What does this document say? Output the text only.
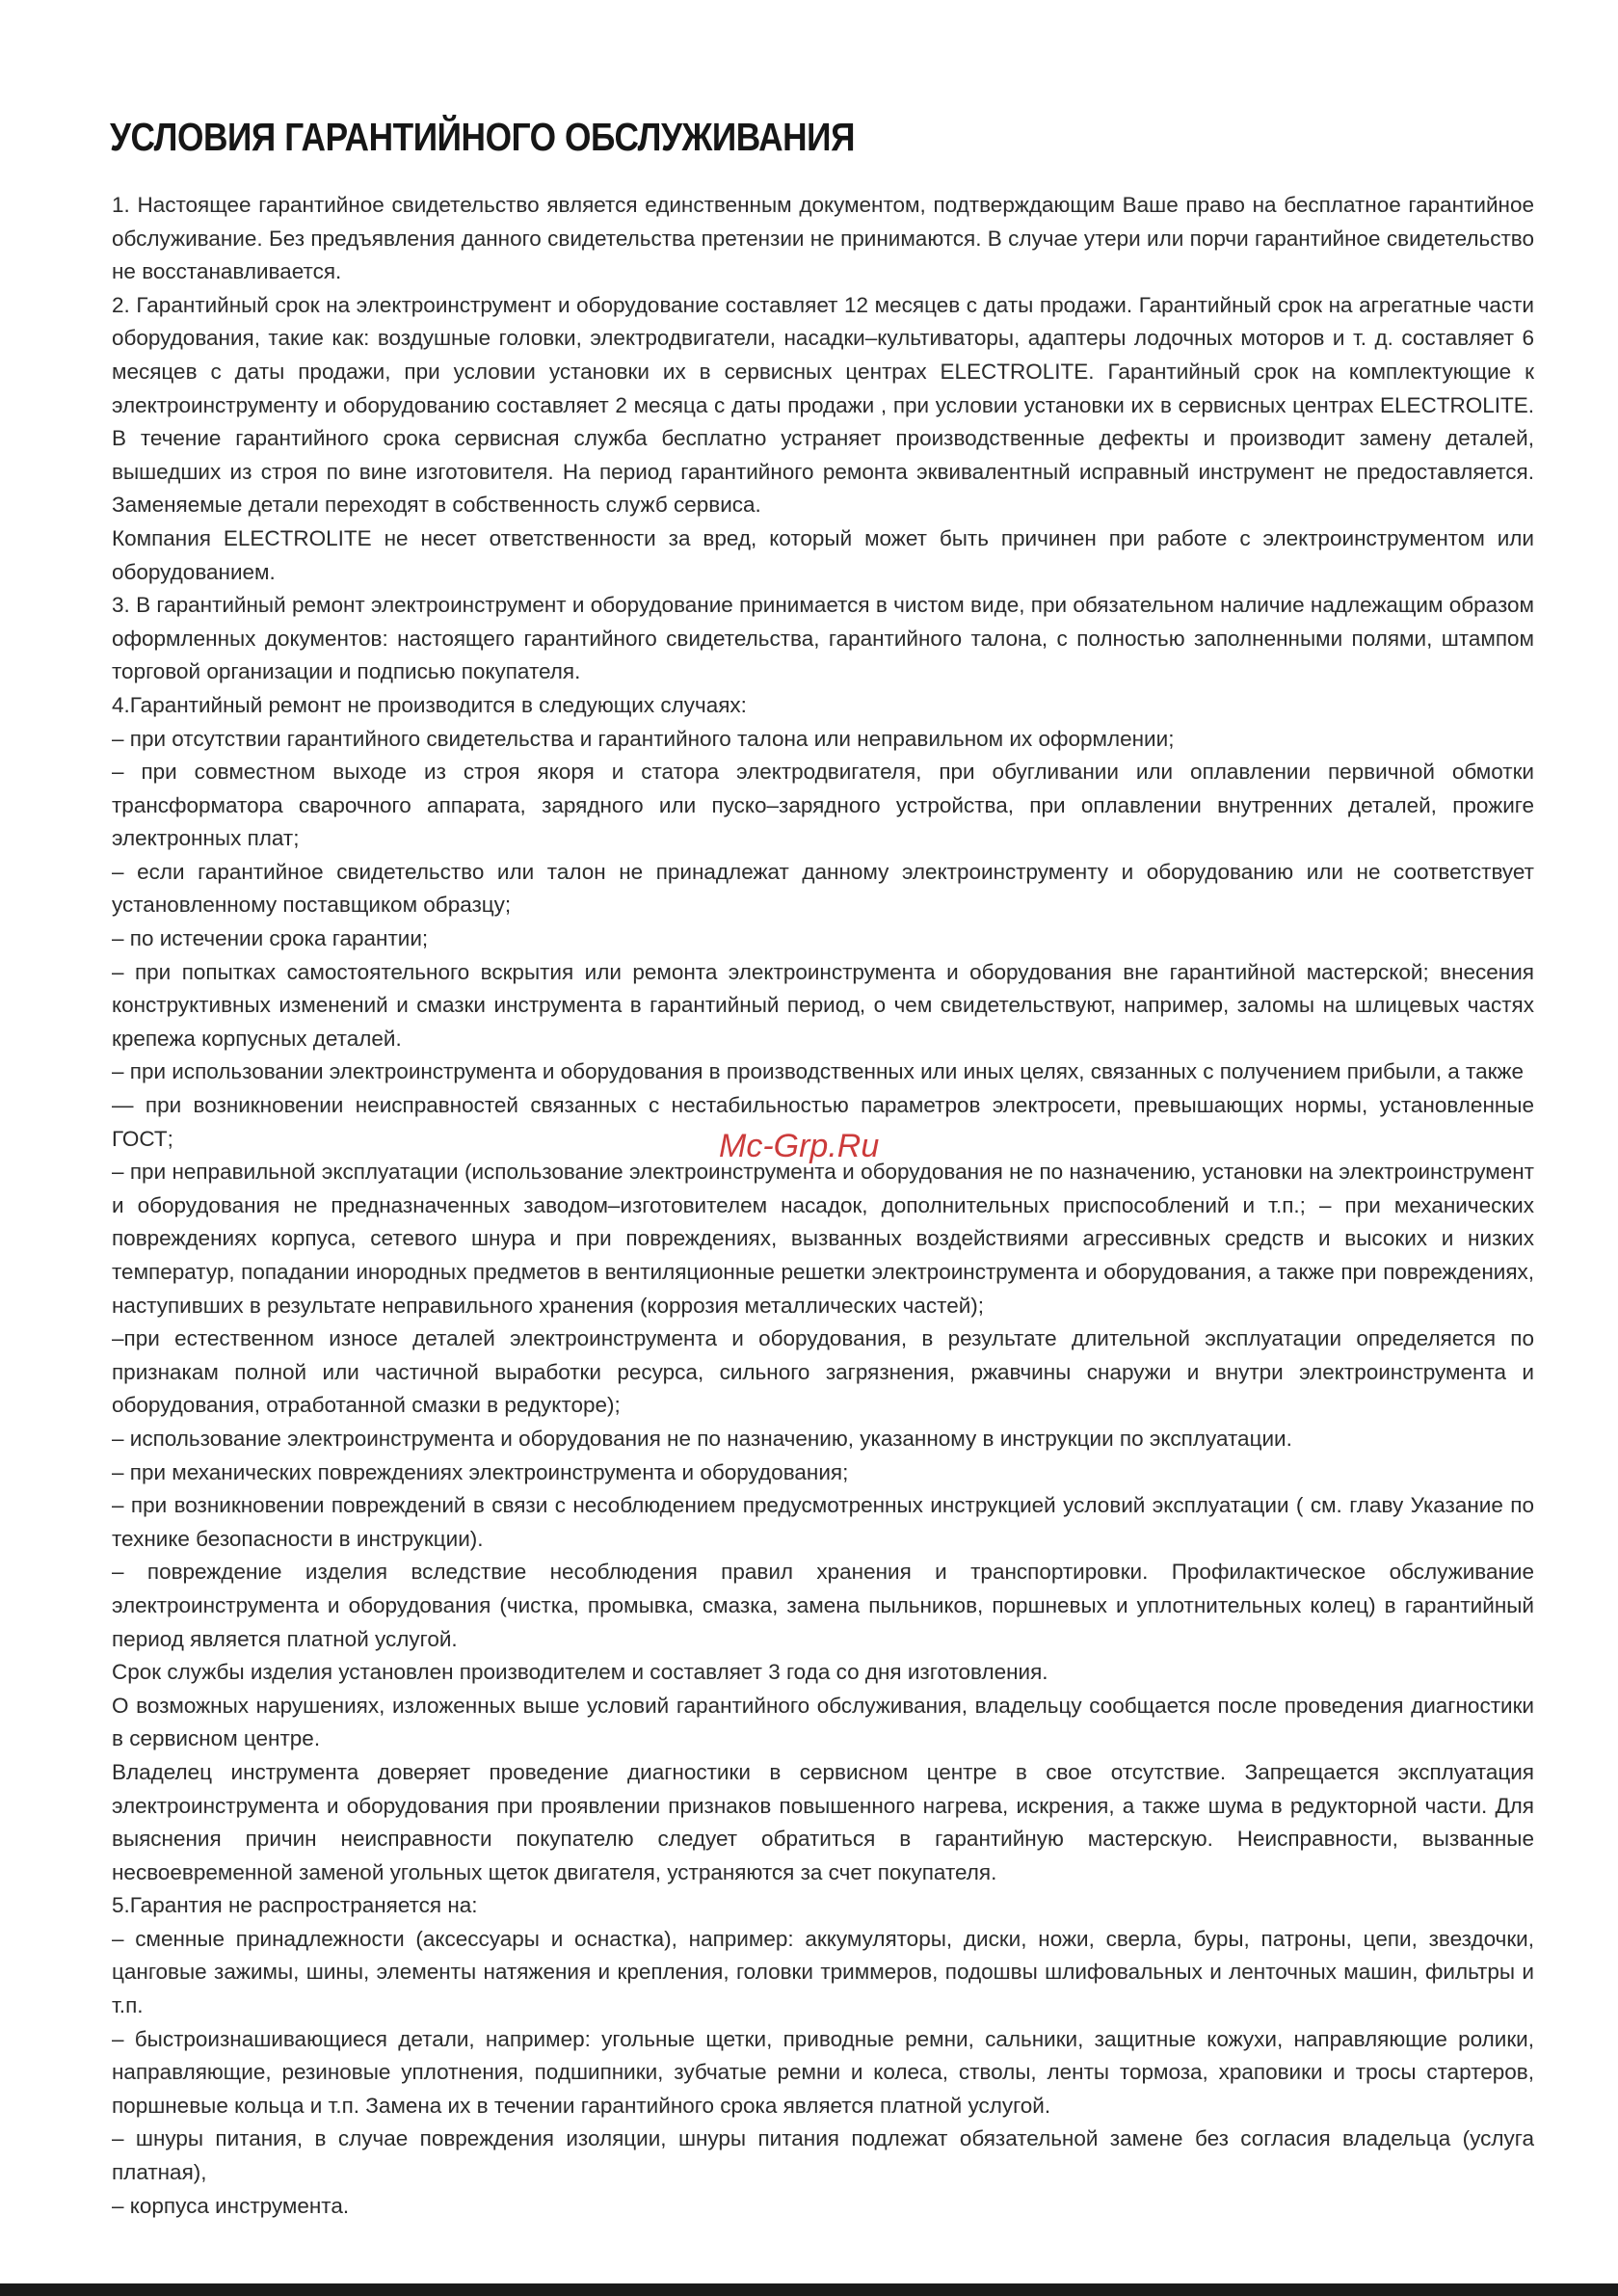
УСЛОВИЯ ГАРАНТИЙНОГО ОБСЛУЖИВАНИЯ

1. Настоящее гарантийное свидетельство является единственным документом, подтверждающим Ваше право на бесплатное гарантийное обслуживание. Без предъявления данного свидетельства претензии не принимаются. В случае утери или порчи гарантийное свидетельство не восстанавливается.

2. Гарантийный срок на электроинструмент и оборудование составляет 12 месяцев с даты продажи. Гарантийный срок на агрегатные части оборудования, такие как: воздушные головки, электродвигатели, насадки–культиваторы, адаптеры лодочных моторов и т. д. составляет 6 месяцев с даты продажи, при условии установки их в сервисных центрах ELECTROLITE. Гарантийный срок на комплектующие к электроинструменту и оборудованию составляет 2 месяца с даты продажи , при условии установки их в сервисных центрах ELECTROLITE. В течение гарантийного срока сервисная служба бесплатно устраняет производственные дефекты и производит замену деталей, вышедших из строя по вине изготовителя. На период гарантийного ремонта эквивалентный исправный инструмент не предоставляется. Заменяемые детали переходят в собственность служб сервиса.

Компания ELECTROLITE не несет ответственности за вред, который может быть причинен при работе с электроинструментом или оборудованием.

3. В гарантийный ремонт электроинструмент и оборудование принимается в чистом виде, при обязательном наличие надлежащим образом оформленных документов: настоящего гарантийного свидетельства, гарантийного талона, с полностью заполненными полями, штампом торговой организации и подписью покупателя.

4.Гарантийный ремонт не производится в следующих случаях:

– при отсутствии гарантийного свидетельства и гарантийного талона или неправильном их оформлении;

– при совместном выходе из строя якоря и статора электродвигателя, при обугливании или оплавлении первичной обмотки трансформатора сварочного аппарата, зарядного или пуско–зарядного устройства, при оплавлении внутренних деталей, прожиге электронных плат;

– если гарантийное свидетельство или талон не принадлежат данному электроинструменту и оборудованию или не соответствует установленному поставщиком образцу;

– по истечении срока гарантии;

– при попытках самостоятельного вскрытия или ремонта электроинструмента и оборудования вне гарантийной мастерской; внесения конструктивных изменений и смазки инструмента в гарантийный период, о чем свидетельствуют, например, заломы на шлицевых частях крепежа корпусных деталей.

– при использовании электроинструмента и оборудования в производственных или иных целях, связанных с получением прибыли, а также

— при возникновении неисправностей связанных с нестабильностью параметров электросети, превышающих нормы, установленные ГОСТ;

– при неправильной эксплуатации (использование электроинструмента и оборудования не по назначению, установки на электроинструмент и оборудования не предназначенных заводом–изготовителем насадок, дополнительных приспособлений и т.п.; – при механических повреждениях корпуса, сетевого шнура и при повреждениях, вызванных воздействиями агрессивных средств и высоких и низких температур, попадании инородных предметов в вентиляционные решетки электроинструмента и оборудования, а также при повреждениях, наступивших в результате неправильного хранения (коррозия металлических частей);

–при естественном износе деталей электроинструмента и оборудования, в результате длительной эксплуатации определяется по признакам полной или частичной выработки ресурса, сильного загрязнения, ржавчины снаружи и внутри электроинструмента и оборудования, отработанной смазки в редукторе);

– использование электроинструмента и оборудования не по назначению, указанному в инструкции по эксплуатации.

– при механических повреждениях электроинструмента и оборудования;

– при возникновении повреждений в связи с несоблюдением предусмотренных инструкцией условий эксплуатации ( см. главу Указание по технике безопасности в инструкции).

– повреждение изделия вследствие несоблюдения правил хранения и транспортировки. Профилактическое обслуживание электроинструмента и оборудования (чистка, промывка, смазка, замена пыльников, поршневых и уплотнительных колец) в гарантийный период является платной услугой.

Срок службы изделия установлен производителем и составляет 3 года со дня изготовления.

О возможных нарушениях, изложенных выше условий гарантийного обслуживания, владельцу сообщается после проведения диагностики в сервисном центре.

Владелец инструмента доверяет проведение диагностики в сервисном центре в свое отсутствие. Запрещается эксплуатация электроинструмента и оборудования при проявлении признаков повышенного нагрева, искрения, а также шума в редукторной части. Для выяснения причин неисправности покупателю следует обратиться в гарантийную мастерскую. Неисправности, вызванные несвоевременной заменой угольных щеток двигателя, устраняются за счет покупателя.

5.Гарантия не распространяется на:

– сменные принадлежности (аксессуары и оснастка), например: аккумуляторы, диски, ножи, сверла, буры, патроны, цепи, звездочки, цанговые зажимы, шины, элементы натяжения и крепления, головки триммеров, подошвы шлифовальных и ленточных машин, фильтры и т.п.

– быстроизнашивающиеся детали, например: угольные щетки, приводные ремни, сальники, защитные кожухи, направляющие ролики, направляющие, резиновые уплотнения, подшипники, зубчатые ремни и колеса, стволы, ленты тормоза, храповики и тросы стартеров, поршневые кольца и т.п. Замена их в течении гарантийного срока является платной услугой.

– шнуры питания, в случае повреждения изоляции, шнуры питания подлежат обязательной замене без согласия владельца (услуга платная),

– корпуса инструмента.

Mc-Grp.Ru
